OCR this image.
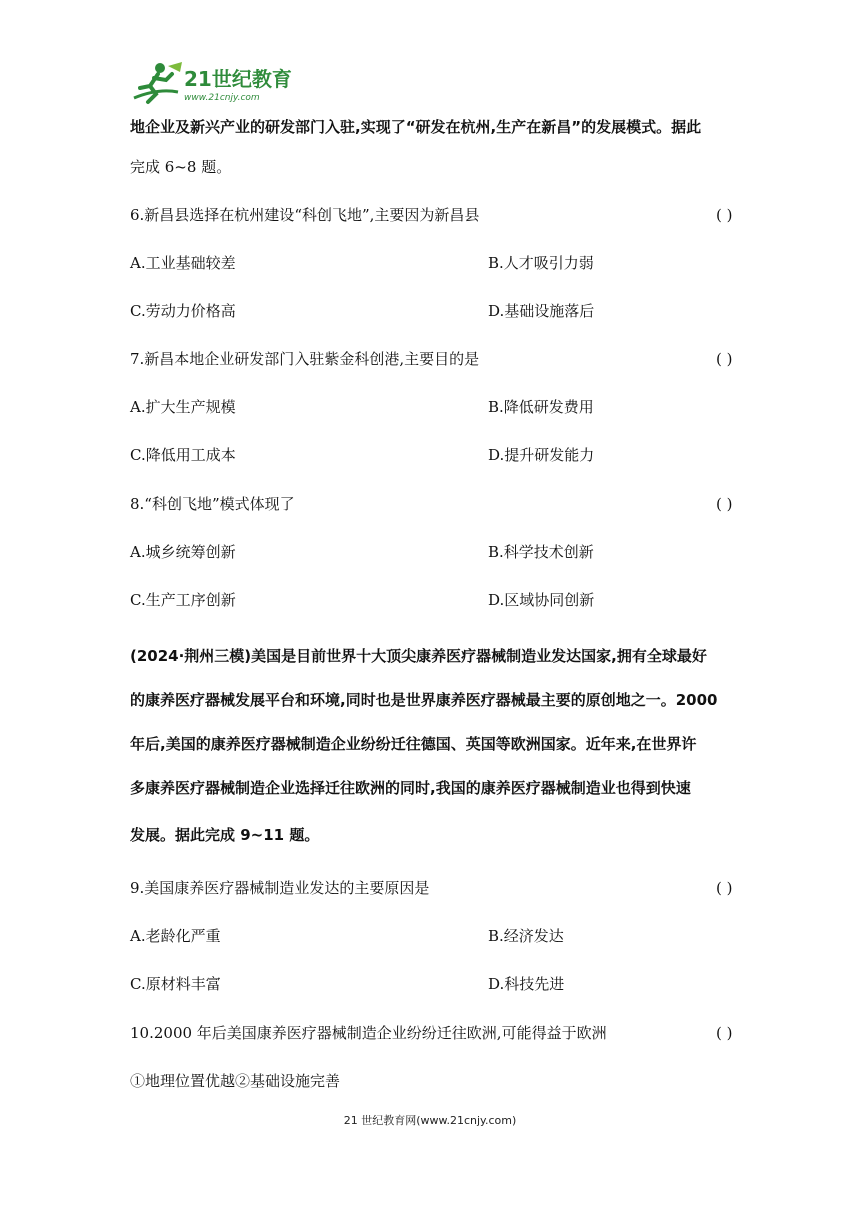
21世纪教育
www.21cnjy.com
地企业及新兴产业的研发部门入驻,实现了“研发在杭州,生产在新昌”的发展模式。据此
完成 6~8 题。
6.新昌县选择在杭州建设“科创飞地”,主要因为新昌县	( )
A.工业基础较差	B.人才吸引力弱
C.劳动力价格高	D.基础设施落后
7.新昌本地企业研发部门入驻紫金科创港,主要目的是	( )
A.扩大生产规模	B.降低研发费用
C.降低用工成本	D.提升研发能力
8.“科创飞地”模式体现了	( )
A.城乡统筹创新	B.科学技术创新
C.生产工序创新	D.区域协同创新
(2024·荆州三模)美国是目前世界十大顶尖康养医疗器械制造业发达国家,拥有全球最好
的康养医疗器械发展平台和环境,同时也是世界康养医疗器械最主要的原创地之一。2000
年后,美国的康养医疗器械制造企业纷纷迁往德国、英国等欧洲国家。近年来,在世界许
多康养医疗器械制造企业选择迁往欧洲的同时,我国的康养医疗器械制造业也得到快速
发展。据此完成 9~11 题。
9.美国康养医疗器械制造业发达的主要原因是	( )
A.老龄化严重	B.经济发达
C.原材料丰富	D.科技先进
10.2000 年后美国康养医疗器械制造企业纷纷迁往欧洲,可能得益于欧洲	( )
①地理位置优越②基础设施完善
21 世纪教育网(www.21cnjy.com)
